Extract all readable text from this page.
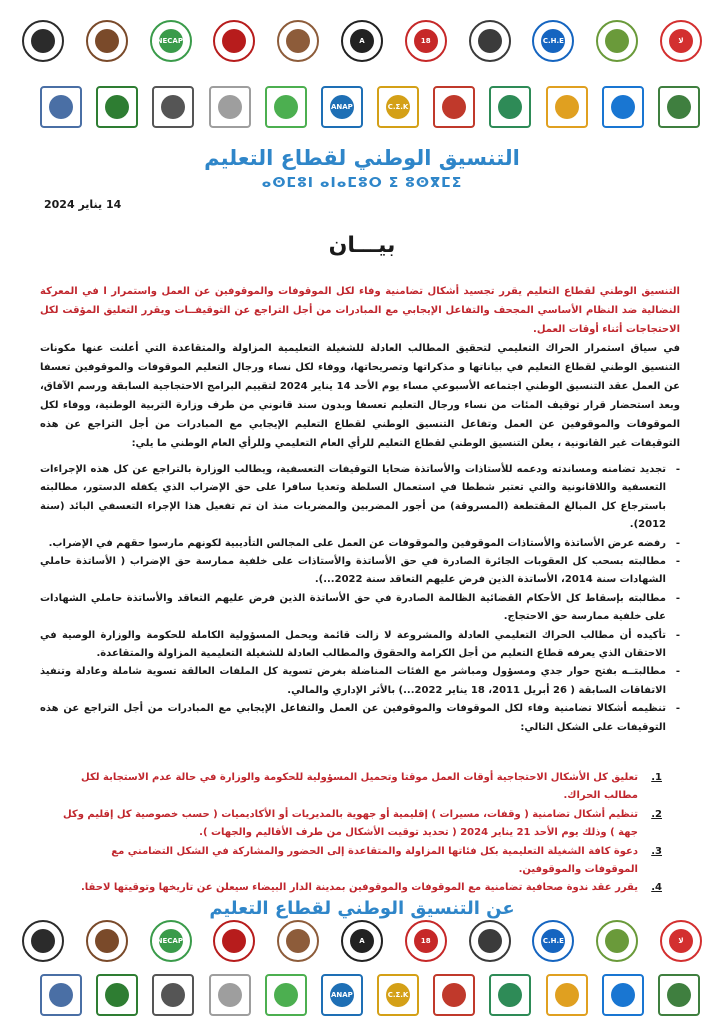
ANECAPM	A	18	C.H.E	لا
ANAP	C.Σ.K
التنسيق الوطني لقطاع التعليم
ⴰⵙⵎⵓⵏ ⴰⵏⴰⵎⵓⵔ ⵉ ⵓⵙⴳⵎⵉ
14 يناير 2024
بيـــان
التنسيق الوطني لقطاع التعليم يقرر تجسيد أشكال تضامنية وفاء لكل الموقوفات والموقوفين عن العمل واستمرار ا في المعركة النضالية ضد النظام الأساسي المجحف والتفاعل الإيجابي مع المبادرات من أجل التراجع عن التوقيفــات ويقرر التعليق المؤقت لكل الاحتجاجات أثناء أوقات العمل.
في سياق استمرار الحراك التعليمي لتحقيق المطالب العادلة للشغيلة التعليمية المزاولة والمتقاعدة التي أعلنت عنها مكونات التنسيق الوطني لقطاع التعليم في بياناتها و مذكراتها وتصريحاتها، ووفاء لكل نساء ورجال التعليم الموقوفات والموقوفين تعسفا عن العمل عقد التنسيق الوطني اجتماعه الأسبوعي مساء يوم الأحد 14 يناير 2024 لتقييم البرامج الاحتجاجية السابقة ورسم الآفاق، وبعد استحضار قرار توقيف المئات من نساء ورجال التعليم تعسفا وبدون سند قانوني من طرف وزارة التربية الوطنية، ووفاء لكل الموقوفات والموقوفين عن العمل وتفاعل التنسيق الوطني لقطاع التعليم الإيجابي مع المبادرات من أجل التراجع عن هذه التوقيفات غير القانونية ، يعلن التنسيق الوطني لقطاع التعليم للرأي العام التعليمي وللرأي العام الوطني ما يلي:
- تجديد تضامنه ومساندته ودعمه للأستاذات والأساتذة ضحايا التوقيفات التعسفية، ويطالب الوزارة بالتراجع عن كل هذه الإجراءات التعسفية واللاقانونية والتي تعتبر شططا في استعمال السلطة وتعديا سافرا على حق الإضراب الذي يكفله الدستور، مطالبته باسترجاع كل المبالغ المقتطعة (المسروقة) من أجور المضربين والمضربات منذ ان تم تفعيل هذا الإجراء التعسفي البائد (سنة 2012).
- رفضه عرض الأساتذة والأستاذات الموقوفين والموقوفات عن العمل على المجالس التأديبية لكونهم مارسوا حقهم في الإضراب.
- مطالبته بسحب كل العقوبات الجائرة الصادرة في حق الأساتذة والأستاذات على خلفية ممارسة حق الإضراب ( الأساتذة حاملي الشهادات سنة 2014، الأساتذة الذين فرض عليهم التعاقد سنة 2022...).
- مطالبته بإسقاط كل الأحكام القضائية الظالمة الصادرة في حق الأساتذة الذين فرض عليهم التعاقد والأساتذة حاملي الشهادات على خلفية ممارسة حق الاحتجاج.
- تأكيده أن مطالب الحراك التعليمي العادلة والمشروعة لا زالت قائمة ويحمل المسؤولية الكاملة للحكومة والوزارة الوصية في الاحتقان الذي يعرفه قطاع التعليم من أجل الكرامة والحقوق والمطالب العادلة للشغيلة التعليمية المزاولة والمتقاعدة.
- مطالبتــه بفتح حوار جدي ومسؤول ومباشر مع الفئات المناضلة بغرض تسوية كل الملفات العالقة تسوية شاملة وعادلة وتنفيذ الاتفاقات السابقة ( 26 أبريل 2011، 18 يناير 2022...) بالأثر الإداري والمالي.
- تنظيمه أشكالا تضامنية وفاء لكل الموقوفات والموقوفين عن العمل والتفاعل الإيجابي مع المبادرات من أجل التراجع عن هذه التوقيفات على الشكل التالي:
1.
تعليق كل الأشكال الاحتجاجية أوقات العمل موقتا وتحميل المسؤولية للحكومة والوزارة في حالة عدم الاستجابة لكل مطالب الحراك.
2.
تنظيم أشكال تضامنية ( وقفات، مسيرات ) إقليمية أو جهوية بالمديريات أو الأكاديميات ( حسب خصوصية كل إقليم وكل جهة ) وذلك يوم الأحد 21 يناير 2024 ( تحديد توقيت الأشكال من طرف الأقاليم والجهات ).
3.
دعوة كافة الشغيلة التعليمية بكل فئاتها المزاولة والمتقاعدة إلى الحضور والمشاركة في الشكل التضامني مع الموقوفات والموقوفين.
4.
يقرر عقد ندوة صحافية تضامنية مع الموقوفات والموقوفين بمدينة الدار البيضاء سيعلن عن تاريخها وتوقيتها لاحقا.
عن التنسيق الوطني لقطاع التعليم
ANECAPM	A	18	C.H.E	لا
ANAP	C.Σ.K
